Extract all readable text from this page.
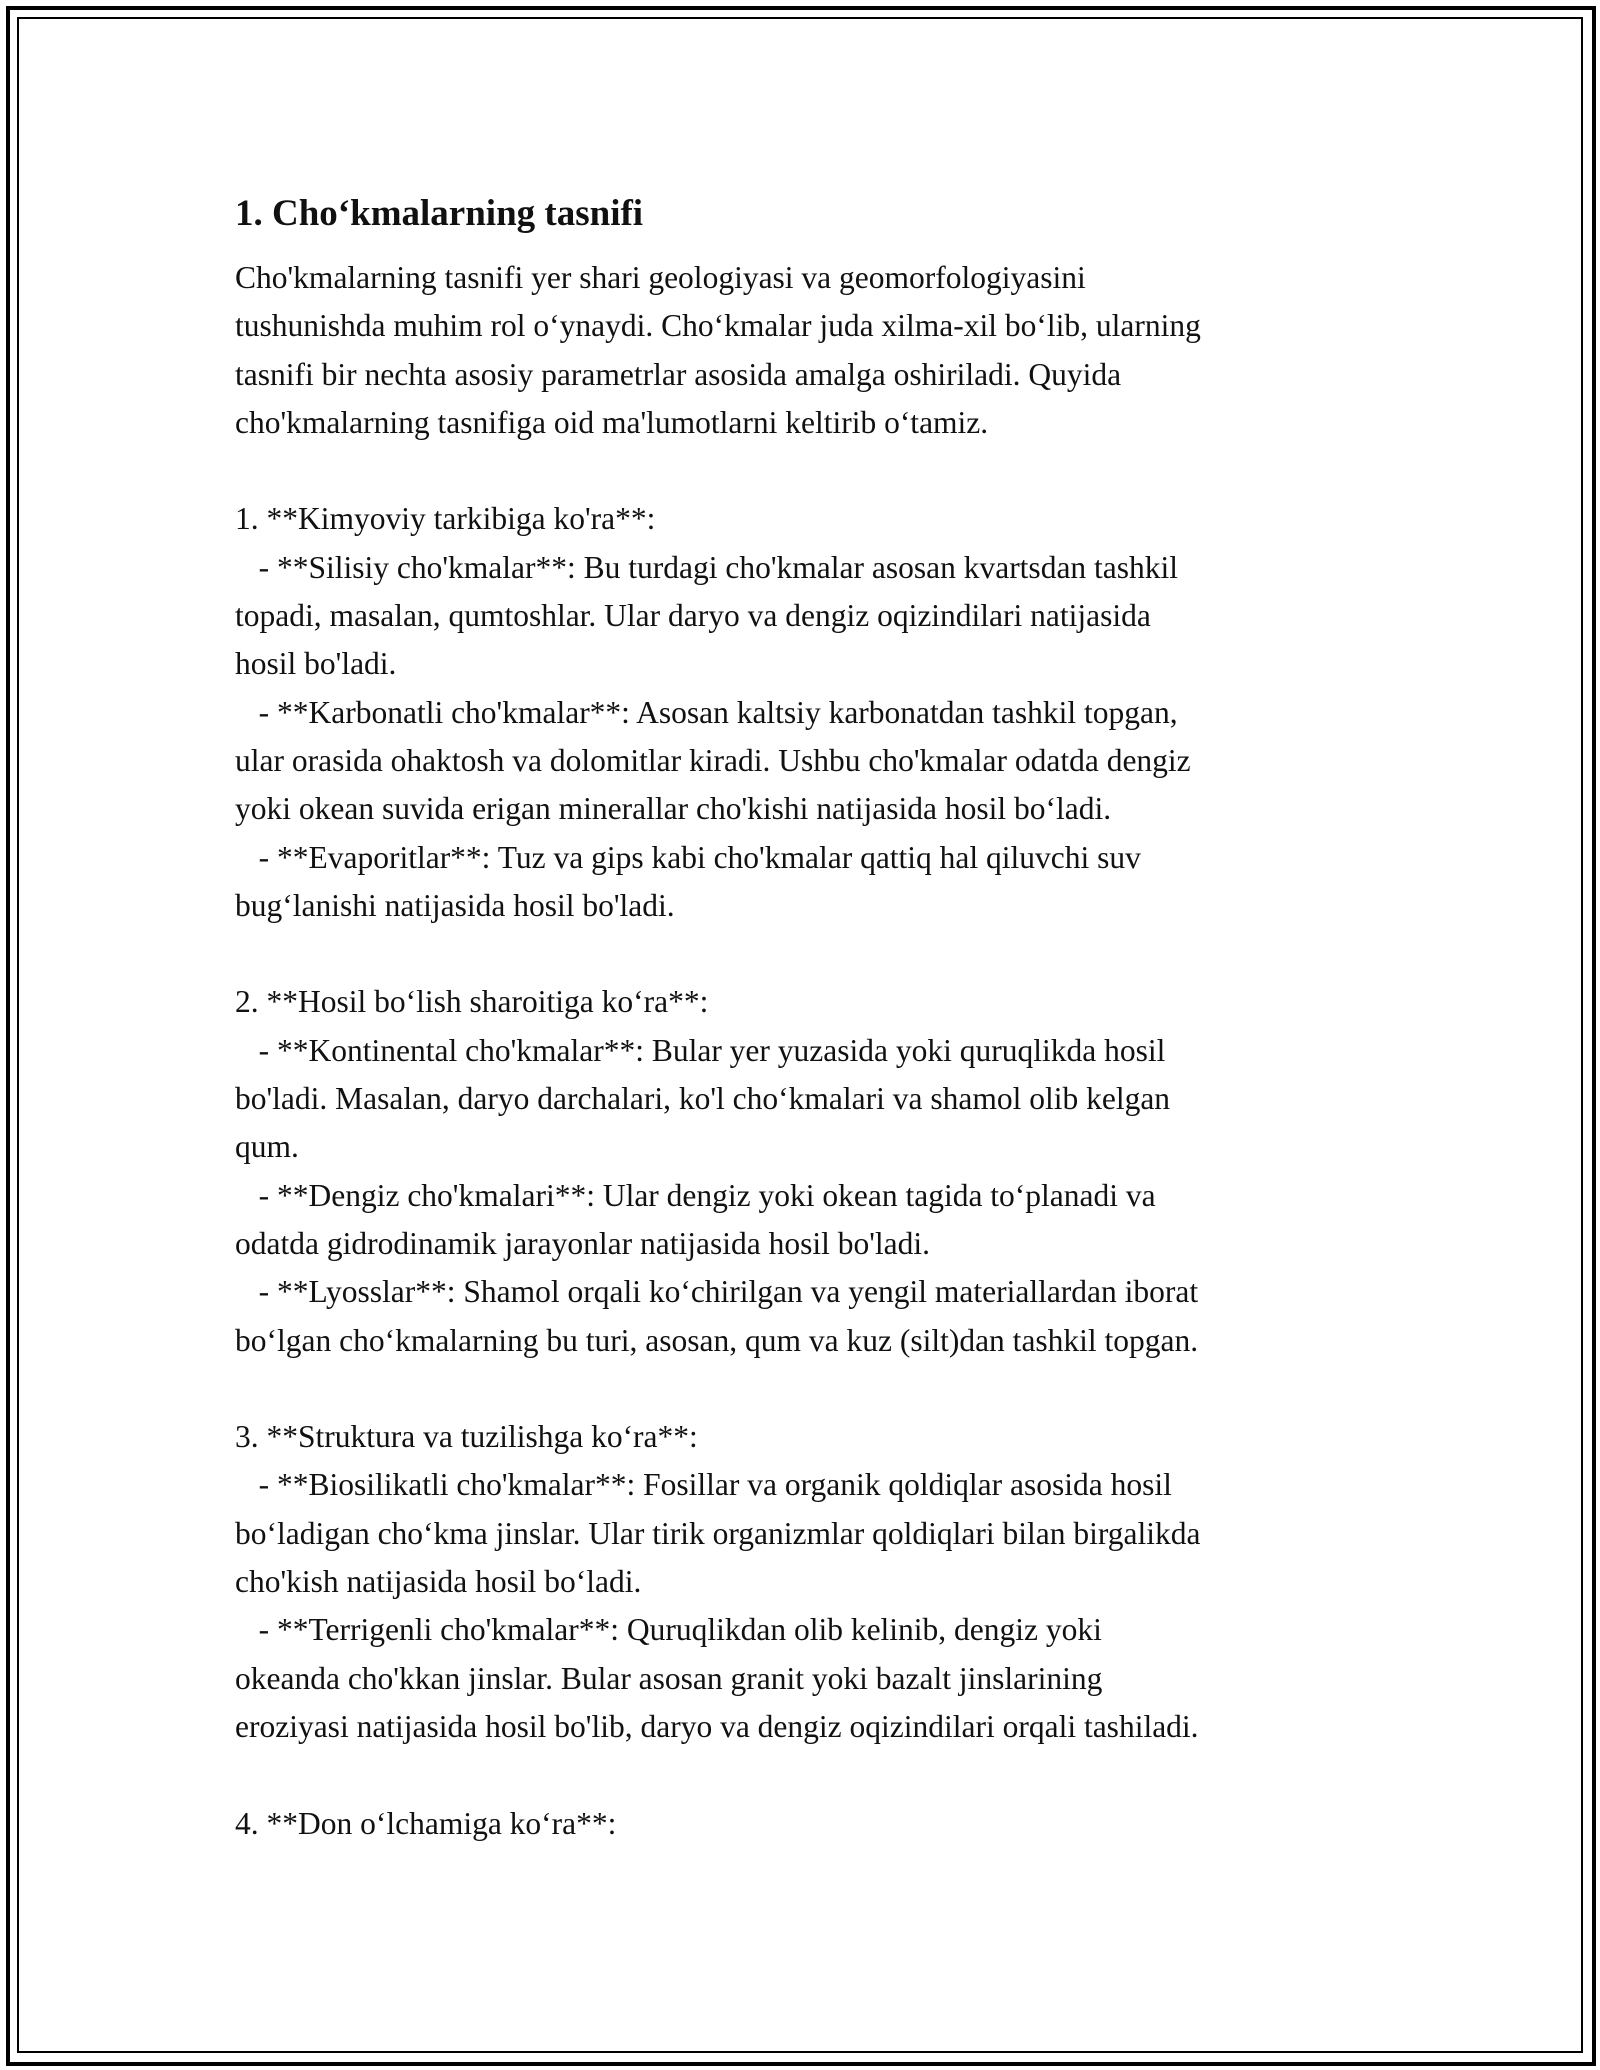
1. Cho‘kmalarning tasnifi
Cho'kmalarning tasnifi yer shari geologiyasi va geomorfologiyasini
tushunishda muhim rol o‘ynaydi. Cho‘kmalar juda xilma-xil bo‘lib, ularning
tasnifi bir nechta asosiy parametrlar asosida amalga oshiriladi. Quyida
cho'kmalarning tasnifiga oid ma'lumotlarni keltirib o‘tamiz.
1. **Kimyoviy tarkibiga ko'ra**:
- **Silisiy cho'kmalar**: Bu turdagi cho'kmalar asosan kvartsdan tashkil
topadi, masalan, qumtoshlar. Ular daryo va dengiz oqizindilari natijasida
hosil bo'ladi.
- **Karbonatli cho'kmalar**: Asosan kaltsiy karbonatdan tashkil topgan,
ular orasida ohaktosh va dolomitlar kiradi. Ushbu cho'kmalar odatda dengiz
yoki okean suvida erigan minerallar cho'kishi natijasida hosil bo‘ladi.
- **Evaporitlar**: Tuz va gips kabi cho'kmalar qattiq hal qiluvchi suv
bug‘lanishi natijasida hosil bo'ladi.
2. **Hosil bo‘lish sharoitiga ko‘ra**:
- **Kontinental cho'kmalar**: Bular yer yuzasida yoki quruqlikda hosil
bo'ladi. Masalan, daryo darchalari, ko'l cho‘kmalari va shamol olib kelgan
qum.
- **Dengiz cho'kmalari**: Ular dengiz yoki okean tagida to‘planadi va
odatda gidrodinamik jarayonlar natijasida hosil bo'ladi.
- **Lyosslar**: Shamol orqali ko‘chirilgan va yengil materiallardan iborat
bo‘lgan cho‘kmalarning bu turi, asosan, qum va kuz (silt)dan tashkil topgan.
3. **Struktura va tuzilishga ko‘ra**:
- **Biosilikatli cho'kmalar**: Fosillar va organik qoldiqlar asosida hosil
bo‘ladigan cho‘kma jinslar. Ular tirik organizmlar qoldiqlari bilan birgalikda
cho'kish natijasida hosil bo‘ladi.
- **Terrigenli cho'kmalar**: Quruqlikdan olib kelinib, dengiz yoki
okeanda cho'kkan jinslar. Bular asosan granit yoki bazalt jinslarining
eroziyasi natijasida hosil bo'lib, daryo va dengiz oqizindilari orqali tashiladi.
4. **Don o‘lchamiga ko‘ra**:
